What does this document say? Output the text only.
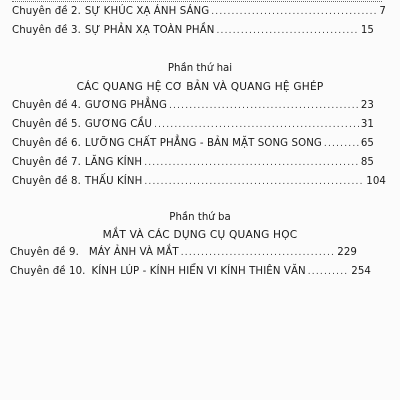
Chuyên đề 2. SỰ KHÚC XẠ ÁNH SÁNG .....	7
Chuyên đề 3. SỰ PHẢN XẠ TOÀN PHẦN .....	15
Phần thứ hai
CÁC QUANG HỆ CƠ BẢN VÀ QUANG HỆ GHÉP
Chuyên đề 4. GƯƠNG PHẲNG .....	23
Chuyên đề 5. GƯƠNG CẦU .....	31
Chuyên đề 6. LƯỠNG CHẤT PHẲNG - BẢN MẶT SONG SONG .....	65
Chuyên đề 7. LĂNG KÍNH .....	85
Chuyên đề 8. THẤU KÍNH .....	104
Phần thứ ba
MẮT VÀ CÁC DỤNG CỤ QUANG HỌC
Chuyên đề 9. MÁY ẢNH VÀ MẮT .....	229
Chuyên đề 10. KÍNH LÚP - KÍNH HIỂN VI KÍNH THIÊN VĂN .....	254
